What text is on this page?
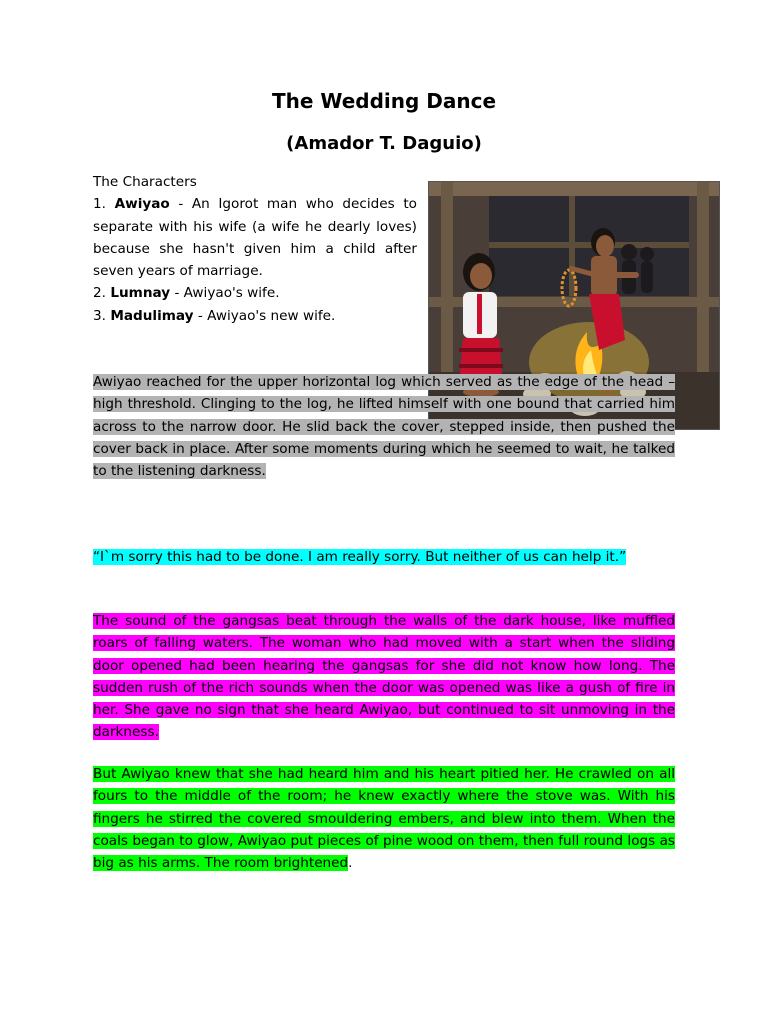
The Wedding Dance
(Amador T. Daguio)

The Characters

1. Awiyao - An Igorot man who decides to separate with his wife (a wife he dearly loves) because she hasn't given him a child after seven years of marriage.

2. Lumnay - Awiyao's wife.

3. Madulimay - Awiyao's new wife.

Awiyao reached for the upper horizontal log which served as the edge of the head – high threshold. Clinging to the log, he lifted himself with one bound that carried him across to the narrow door. He slid back the cover, stepped inside, then pushed the cover back in place. After some moments during which he seemed to wait, he talked to the listening darkness.

“I`m sorry this had to be done. I am really sorry. But neither of us can help it.”

The sound of the gangsas beat through the walls of the dark house, like muffled roars of falling waters. The woman who had moved with a start when the sliding door opened had been hearing the gangsas for she did not know how long. The sudden rush of the rich sounds when the door was opened was like a gush of fire in her. She gave no sign that she heard Awiyao, but continued to sit unmoving in the darkness.

But Awiyao knew that she had heard him and his heart pitied her. He crawled on all fours to the middle of the room; he knew exactly where the stove was. With his fingers he stirred the covered smouldering embers, and blew into them. When the coals began to glow, Awiyao put pieces of pine wood on them, then full round logs as big as his arms. The room brightened.
